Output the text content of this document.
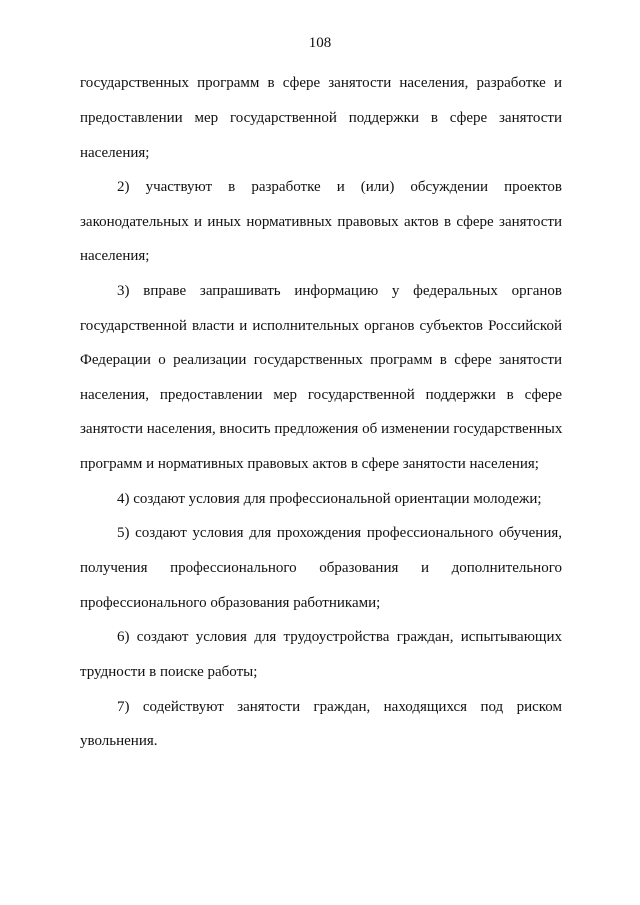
108
государственных программ в сфере занятости населения, разработке и
предоставлении мер государственной поддержки в сфере занятости
населения;
2) участвуют в разработке и (или) обсуждении проектов
законодательных и иных нормативных правовых актов в сфере занятости
населения;
3) вправе запрашивать информацию у федеральных органов
государственной власти и исполнительных органов субъектов Российской
Федерации о реализации государственных программ в сфере занятости
населения, предоставлении мер государственной поддержки в сфере
занятости населения, вносить предложения об изменении государственных
программ и нормативных правовых актов в сфере занятости населения;
4) создают условия для профессиональной ориентации молодежи;
5) создают условия для прохождения профессионального обучения,
получения профессионального образования и дополнительного
профессионального образования работниками;
6) создают условия для трудоустройства граждан, испытывающих
трудности в поиске работы;
7) содействуют занятости граждан, находящихся под риском
увольнения.
